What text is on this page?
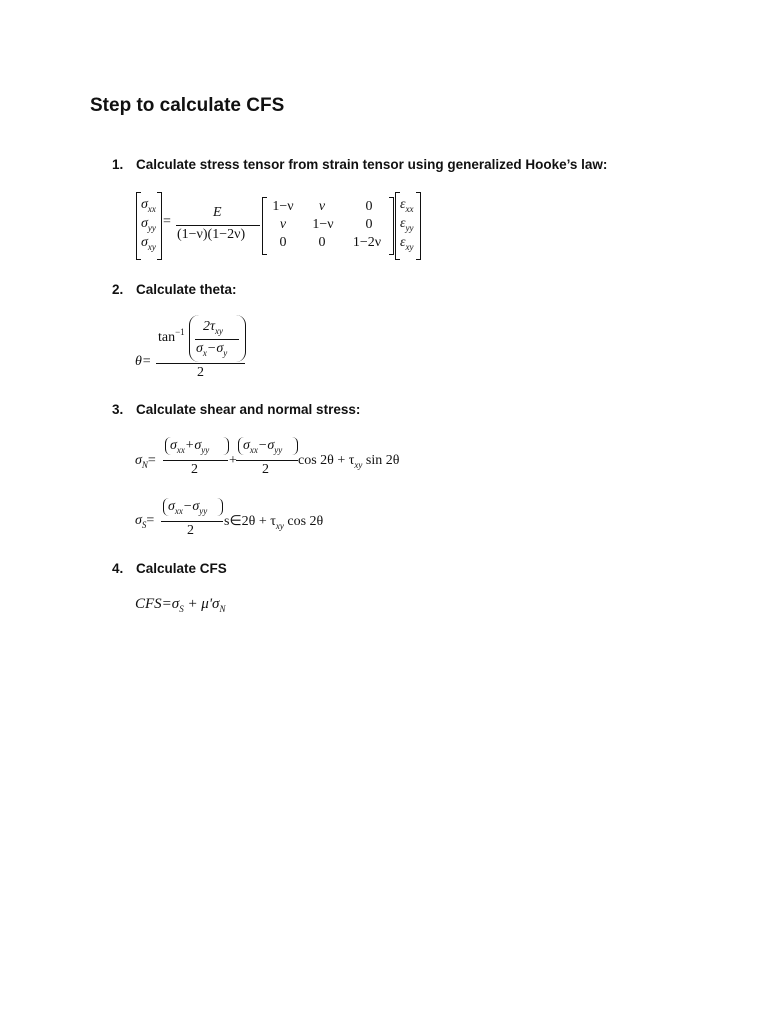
Step to calculate CFS
1. Calculate stress tensor from strain tensor using generalized Hooke’s law:
$\sigma_{xx}$
$\sigma_{yy}$
$\sigma_{xy}$
=
E
(1−ν)(1−2ν)
1−ν	ν	0
ν	1−ν	0
0	0	1−2ν
$\varepsilon_{xx}$
$\varepsilon_{yy}$
$\varepsilon_{xy}$
2. Calculate theta:
$\tan^{-1} 2\tau_{xy}$
$\sigma_x-\sigma_y$
θ=
2
3. Calculate shear and normal stress:
$\sigma_N=$
$\sigma_{xx}+\sigma_{yy}$
2
+
$\sigma_{xx}-\sigma_{yy}$
2
$\cos 2\theta + \tau_{xy}$ sin 2θ
$\sigma_S=$
$\sigma_{xx}-\sigma_{yy}$
2
s∈2θ + $\tau_{xy}$ cos 2θ
4. Calculate CFS
$CFS=\sigma_S + \mu'\sigma_N$
